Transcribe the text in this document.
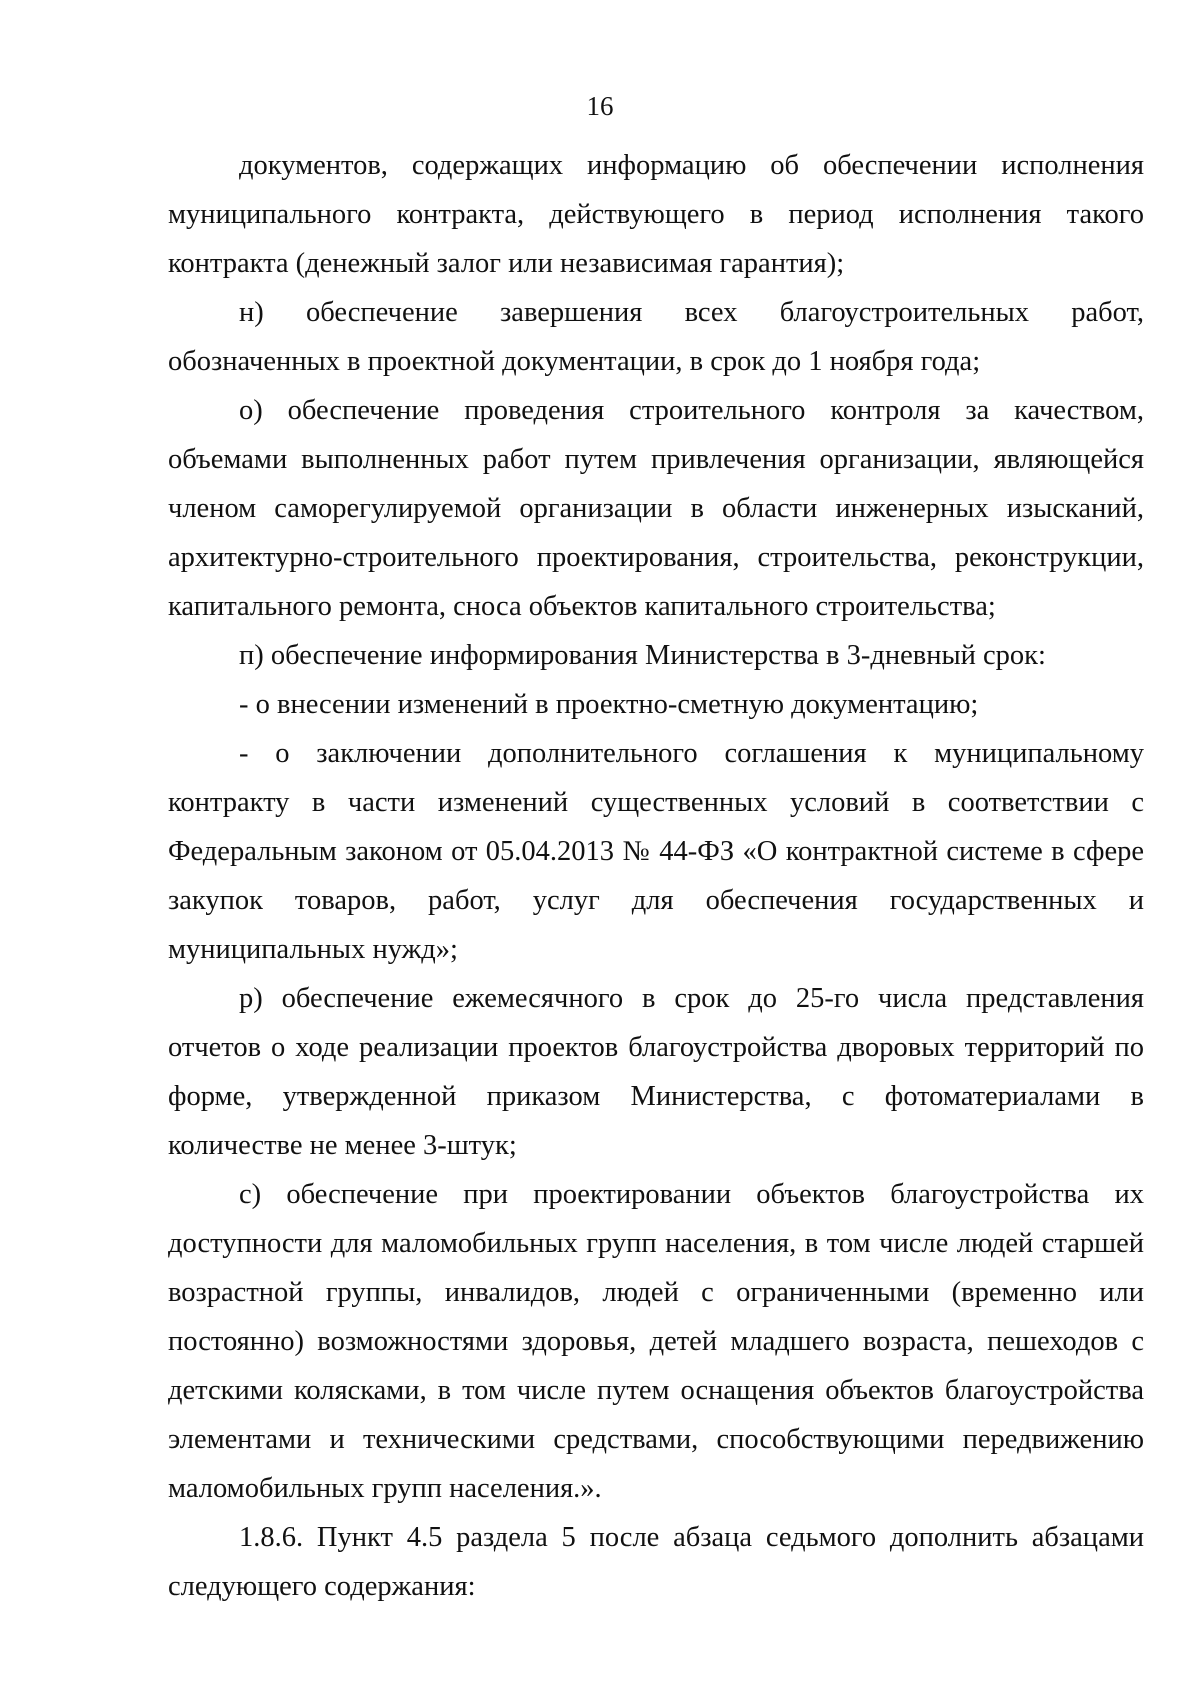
16

документов, содержащих информацию об обеспечении исполнения муниципального контракта, действующего в период исполнения такого контракта (денежный залог или независимая гарантия);

н) обеспечение завершения всех благоустроительных работ, обозначенных в проектной документации, в срок до 1 ноября года;

о) обеспечение проведения строительного контроля за качеством, объемами выполненных работ путем привлечения организации, являющейся членом саморегулируемой организации в области инженерных изысканий, архитектурно-строительного проектирования, строительства, реконструкции, капитального ремонта, сноса объектов капитального строительства;

п) обеспечение информирования Министерства в 3-дневный срок:

- о внесении изменений в проектно-сметную документацию;

- о заключении дополнительного соглашения к муниципальному контракту в части изменений существенных условий в соответствии с Федеральным законом от 05.04.2013 № 44-ФЗ «О контрактной системе в сфере закупок товаров, работ, услуг для обеспечения государственных и муниципальных нужд»;

р) обеспечение ежемесячного в срок до 25-го числа представления отчетов о ходе реализации проектов благоустройства дворовых территорий по форме, утвержденной приказом Министерства, с фотоматериалами в количестве не менее 3-штук;

с) обеспечение при проектировании объектов благоустройства их доступности для маломобильных групп населения, в том числе людей старшей возрастной группы, инвалидов, людей с ограниченными (временно или постоянно) возможностями здоровья, детей младшего возраста, пешеходов с детскими колясками, в том числе путем оснащения объектов благоустройства элементами и техническими средствами, способствующими передвижению маломобильных групп населения.».

1.8.6. Пункт 4.5 раздела 5 после абзаца седьмого дополнить абзацами следующего содержания:
